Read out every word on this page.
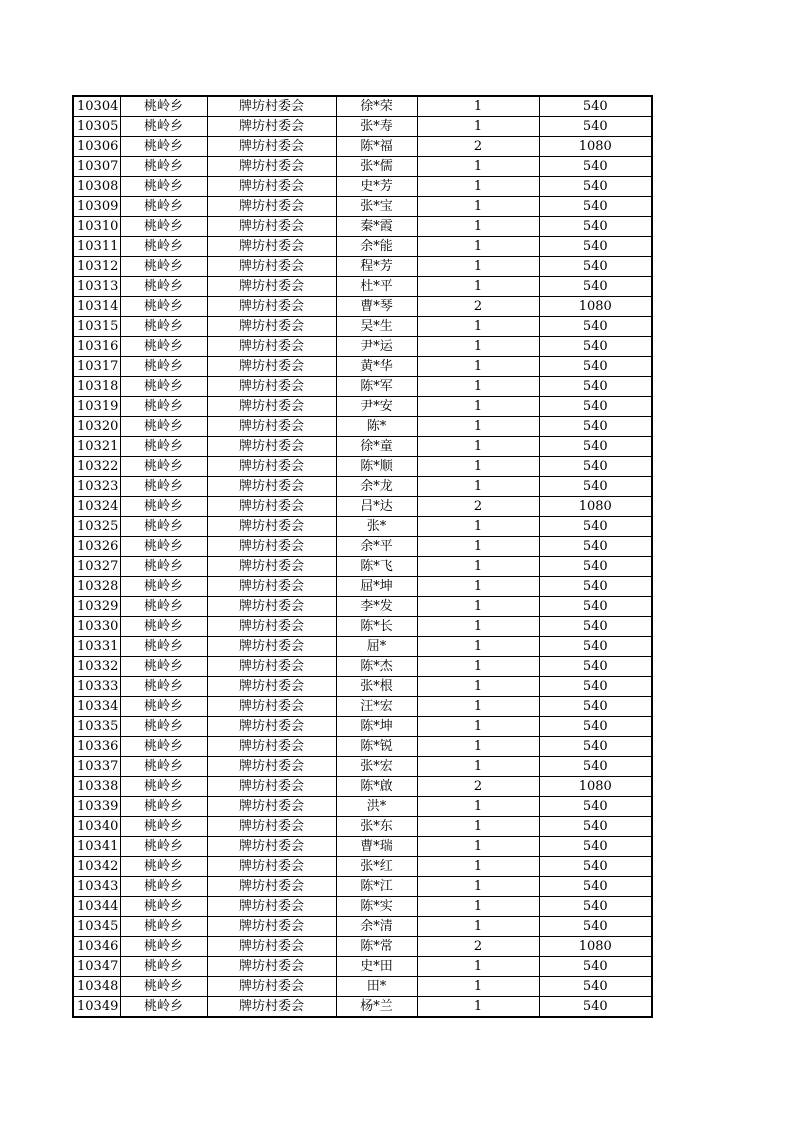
10304	桃岭乡	牌坊村委会	徐*荣	1	540
10305	桃岭乡	牌坊村委会	张*寿	1	540
10306	桃岭乡	牌坊村委会	陈*福	2	1080
10307	桃岭乡	牌坊村委会	张*儒	1	540
10308	桃岭乡	牌坊村委会	史*芳	1	540
10309	桃岭乡	牌坊村委会	张*宝	1	540
10310	桃岭乡	牌坊村委会	秦*霞	1	540
10311	桃岭乡	牌坊村委会	余*能	1	540
10312	桃岭乡	牌坊村委会	程*芳	1	540
10313	桃岭乡	牌坊村委会	杜*平	1	540
10314	桃岭乡	牌坊村委会	曹*琴	2	1080
10315	桃岭乡	牌坊村委会	吴*生	1	540
10316	桃岭乡	牌坊村委会	尹*运	1	540
10317	桃岭乡	牌坊村委会	黄*华	1	540
10318	桃岭乡	牌坊村委会	陈*军	1	540
10319	桃岭乡	牌坊村委会	尹*安	1	540
10320	桃岭乡	牌坊村委会	陈*	1	540
10321	桃岭乡	牌坊村委会	徐*童	1	540
10322	桃岭乡	牌坊村委会	陈*顺	1	540
10323	桃岭乡	牌坊村委会	余*龙	1	540
10324	桃岭乡	牌坊村委会	吕*达	2	1080
10325	桃岭乡	牌坊村委会	张*	1	540
10326	桃岭乡	牌坊村委会	余*平	1	540
10327	桃岭乡	牌坊村委会	陈*飞	1	540
10328	桃岭乡	牌坊村委会	屈*坤	1	540
10329	桃岭乡	牌坊村委会	李*发	1	540
10330	桃岭乡	牌坊村委会	陈*长	1	540
10331	桃岭乡	牌坊村委会	屈*	1	540
10332	桃岭乡	牌坊村委会	陈*杰	1	540
10333	桃岭乡	牌坊村委会	张*根	1	540
10334	桃岭乡	牌坊村委会	汪*宏	1	540
10335	桃岭乡	牌坊村委会	陈*坤	1	540
10336	桃岭乡	牌坊村委会	陈*锐	1	540
10337	桃岭乡	牌坊村委会	张*宏	1	540
10338	桃岭乡	牌坊村委会	陈*啟	2	1080
10339	桃岭乡	牌坊村委会	洪*	1	540
10340	桃岭乡	牌坊村委会	张*东	1	540
10341	桃岭乡	牌坊村委会	曹*瑞	1	540
10342	桃岭乡	牌坊村委会	张*红	1	540
10343	桃岭乡	牌坊村委会	陈*江	1	540
10344	桃岭乡	牌坊村委会	陈*实	1	540
10345	桃岭乡	牌坊村委会	余*清	1	540
10346	桃岭乡	牌坊村委会	陈*常	2	1080
10347	桃岭乡	牌坊村委会	史*田	1	540
10348	桃岭乡	牌坊村委会	田*	1	540
10349	桃岭乡	牌坊村委会	杨*兰	1	540
